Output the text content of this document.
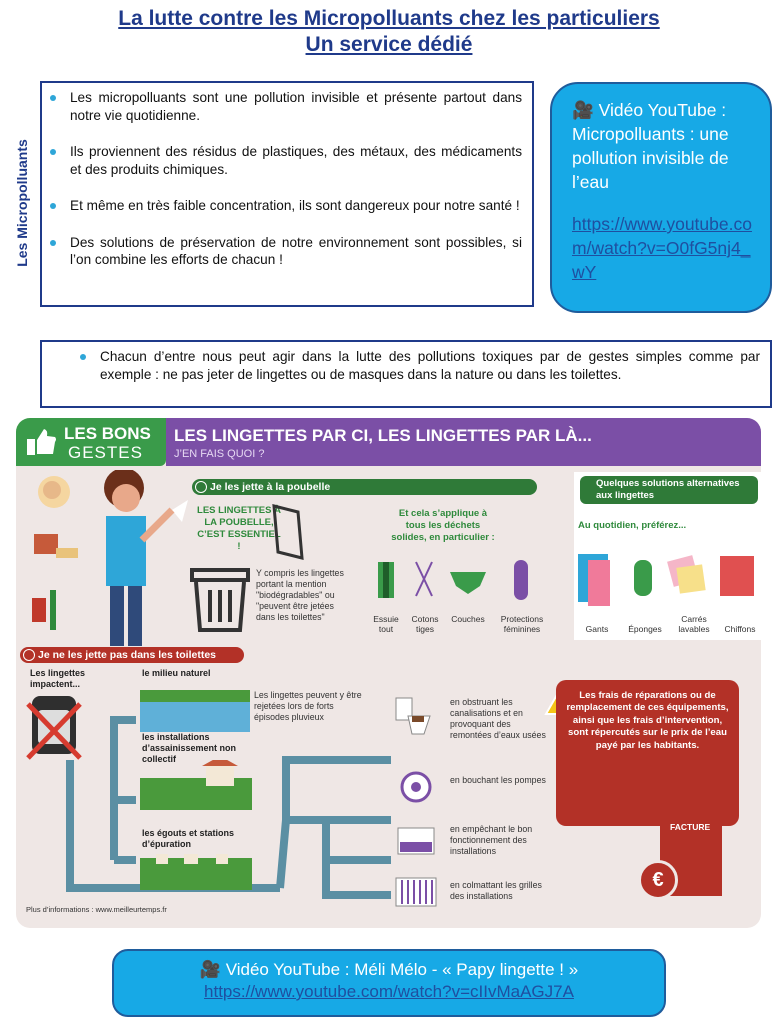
La lutte contre les Micropolluants chez les particuliers
Un service dédié
Les Micropolluants
Les micropolluants sont une pollution invisible et présente partout dans notre vie quotidienne.
Ils proviennent des résidus de plastiques, des métaux, des médicaments et des produits chimiques.
Et même en très faible concentration, ils sont dangereux pour notre santé !
Des solutions de préservation de notre environnement sont possibles, si l’on combine les efforts de chacun !
🎥 Vidéo YouTube : Micropolluants : une pollution invisible de l’eau
https://www.youtube.com/watch?v=O0fG5nj4_wY
Chacun d’entre nous peut agir dans la lutte des pollutions toxiques par de gestes simples comme par exemple : ne pas jeter de lingettes ou de masques dans la nature ou dans les toilettes.
LES BONS
GESTES
LES LINGETTES PAR CI, LES LINGETTES PAR LÀ...
J’EN FAIS QUOI ?
Je les jette à la poubelle
LES LINGETTES À LA POUBELLE, C’EST ESSENTIEL !
Y compris les lingettes portant la mention "biodégradables" ou "peuvent être jetées dans les toilettes"
Et cela s’applique à tous les déchets solides, en particulier :
Essuie tout
Cotons tiges
Couches	Protections féminines
Quelques solutions alternatives aux lingettes
Au quotidien, préférez...
Gants	Éponges
Carrés lavables	Chiffons
Je ne les jette pas dans les toilettes
Les lingettes impactent...
le milieu naturel
Les lingettes peuvent y être rejetées lors de forts épisodes pluvieux
les installations d’assainissement non collectif
les égouts et stations d’épuration
en obstruant les canalisations et en provoquant des remontées d’eaux usées
en bouchant les pompes
en empêchant le bon fonctionnement des installations
en colmattant les grilles des installations
Les frais de réparations ou de remplacement de ces équipements, ainsi que les frais d’intervention, sont répercutés sur le prix de l’eau payé par les habitants.
FACTURE
€
Plus d’informations : www.meilleurtemps.fr
🎥 Vidéo YouTube : Méli Mélo - « Papy lingette ! »
https://www.youtube.com/watch?v=cIIvMaAGJ7A
